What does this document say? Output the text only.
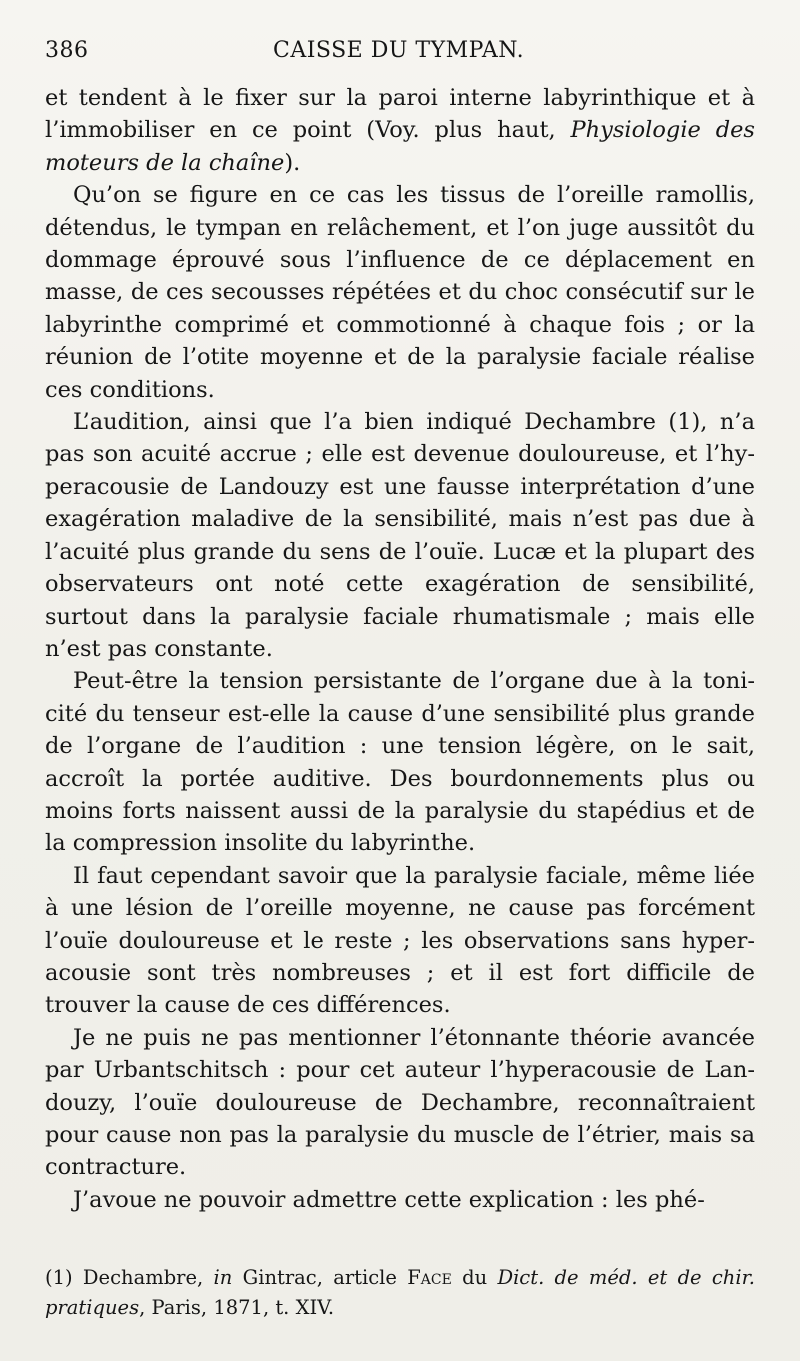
386	CAISSE DU TYMPAN.

et tendent à le fixer sur la paroi interne labyrinthique et à l’immobiliser en ce point (Voy. plus haut, Physiologie des moteurs de la chaîne).

Qu’on se figure en ce cas les tissus de l’oreille ramollis, détendus, le tympan en relâchement, et l’on juge aussitôt du dommage éprouvé sous l’influence de ce déplacement en masse, de ces secousses répétées et du choc consécutif sur le labyrinthe comprimé et commotionné à chaque fois ; or la réunion de l’otite moyenne et de la paralysie faciale réalise ces conditions.

L’audition, ainsi que l’a bien indiqué Dechambre (1), n’a pas son acuité accrue ; elle est devenue douloureuse, et l’hy-peracousie de Landouzy est une fausse interprétation d’une exagération maladive de la sensibilité, mais n’est pas due à l’acuité plus grande du sens de l’ouïe. Lucæ et la plupart des observateurs ont noté cette exagération de sensibilité, surtout dans la paralysie faciale rhumatismale ; mais elle n’est pas constante.

Peut-être la tension persistante de l’organe due à la toni-cité du tenseur est-elle la cause d’une sensibilité plus grande de l’organe de l’audition : une tension légère, on le sait, accroît la portée auditive. Des bourdonnements plus ou moins forts naissent aussi de la paralysie du stapédius et de la compression insolite du labyrinthe.

Il faut cependant savoir que la paralysie faciale, même liée à une lésion de l’oreille moyenne, ne cause pas forcément l’ouïe douloureuse et le reste ; les observations sans hyper-acousie sont très nombreuses ; et il est fort difficile de trouver la cause de ces différences.

Je ne puis ne pas mentionner l’étonnante théorie avancée par Urbantschitsch : pour cet auteur l’hyperacousie de Lan-douzy, l’ouïe douloureuse de Dechambre, reconnaîtraient pour cause non pas la paralysie du muscle de l’étrier, mais sa contracture.

J’avoue ne pouvoir admettre cette explication : les phé-

(1) Dechambre, in Gintrac, article Face du Dict. de méd. et de chir. pratiques, Paris, 1871, t. XIV.
